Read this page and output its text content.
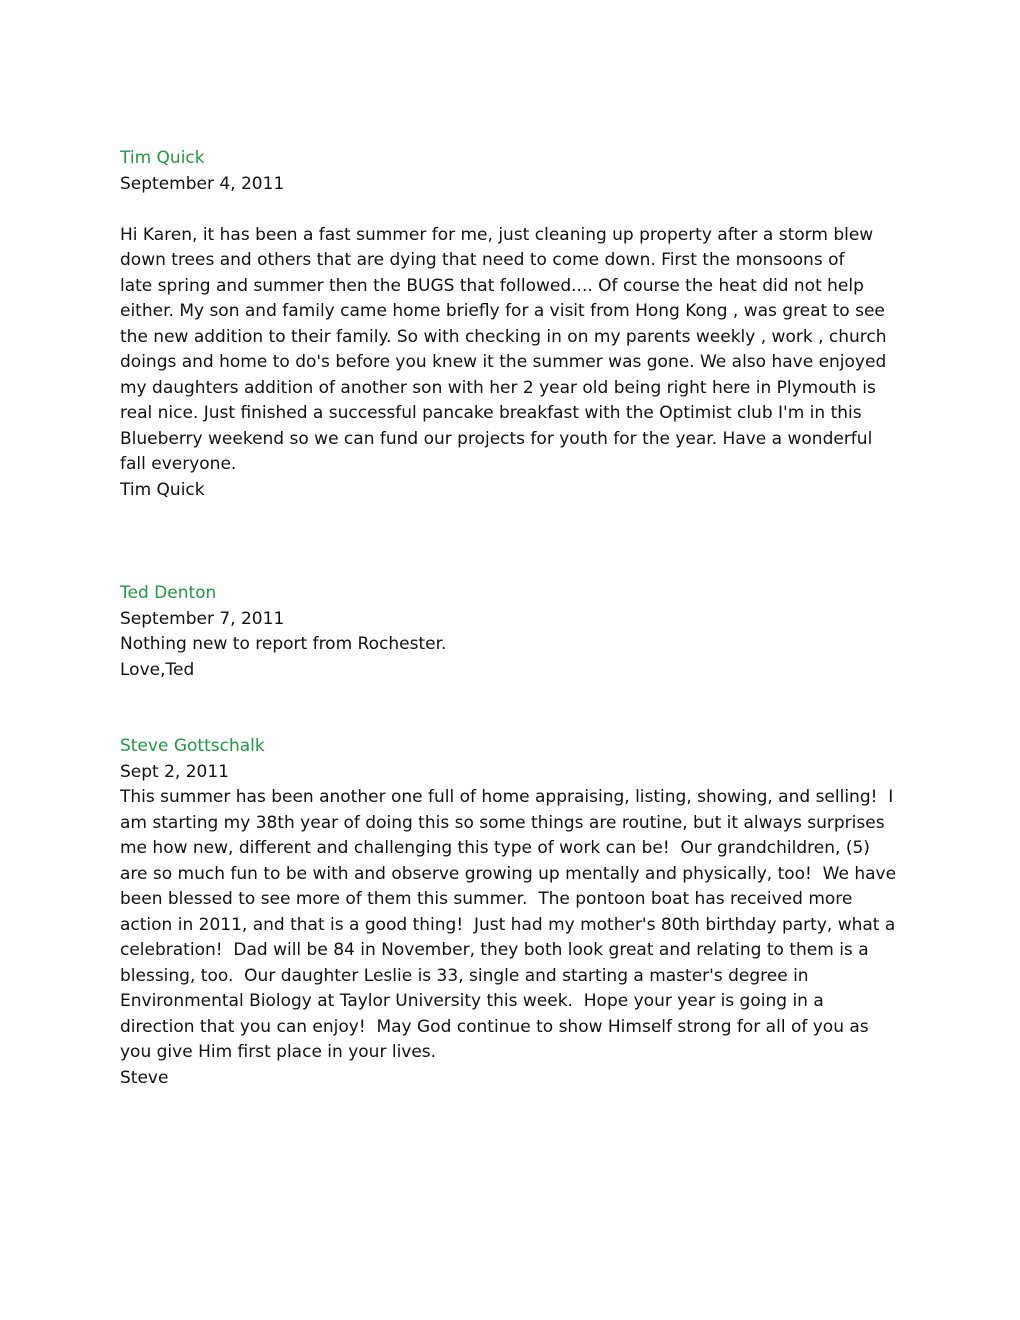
Tim Quick
September 4, 2011
Hi Karen, it has been a fast summer for me, just cleaning up property after a storm blew
down trees and others that are dying that need to come down. First the monsoons of
late spring and summer then the BUGS that followed.... Of course the heat did not help
either. My son and family came home briefly for a visit from Hong Kong , was great to see
the new addition to their family. So with checking in on my parents weekly , work , church
doings and home to do's before you knew it the summer was gone. We also have enjoyed
my daughters addition of another son with her 2 year old being right here in Plymouth is
real nice. Just finished a successful pancake breakfast with the Optimist club I'm in this
Blueberry weekend so we can fund our projects for youth for the year. Have a wonderful
fall everyone.
Tim Quick
Ted Denton
September 7, 2011
Nothing new to report from Rochester.
Love,Ted
Steve Gottschalk
Sept 2, 2011
This summer has been another one full of home appraising, listing, showing, and selling!  I
am starting my 38th year of doing this so some things are routine, but it always surprises
me how new, different and challenging this type of work can be!  Our grandchildren, (5)
are so much fun to be with and observe growing up mentally and physically, too!  We have
been blessed to see more of them this summer.  The pontoon boat has received more
action in 2011, and that is a good thing!  Just had my mother's 80th birthday party, what a
celebration!  Dad will be 84 in November, they both look great and relating to them is a
blessing, too.  Our daughter Leslie is 33, single and starting a master's degree in
Environmental Biology at Taylor University this week.  Hope your year is going in a
direction that you can enjoy!  May God continue to show Himself strong for all of you as
you give Him first place in your lives.
Steve
